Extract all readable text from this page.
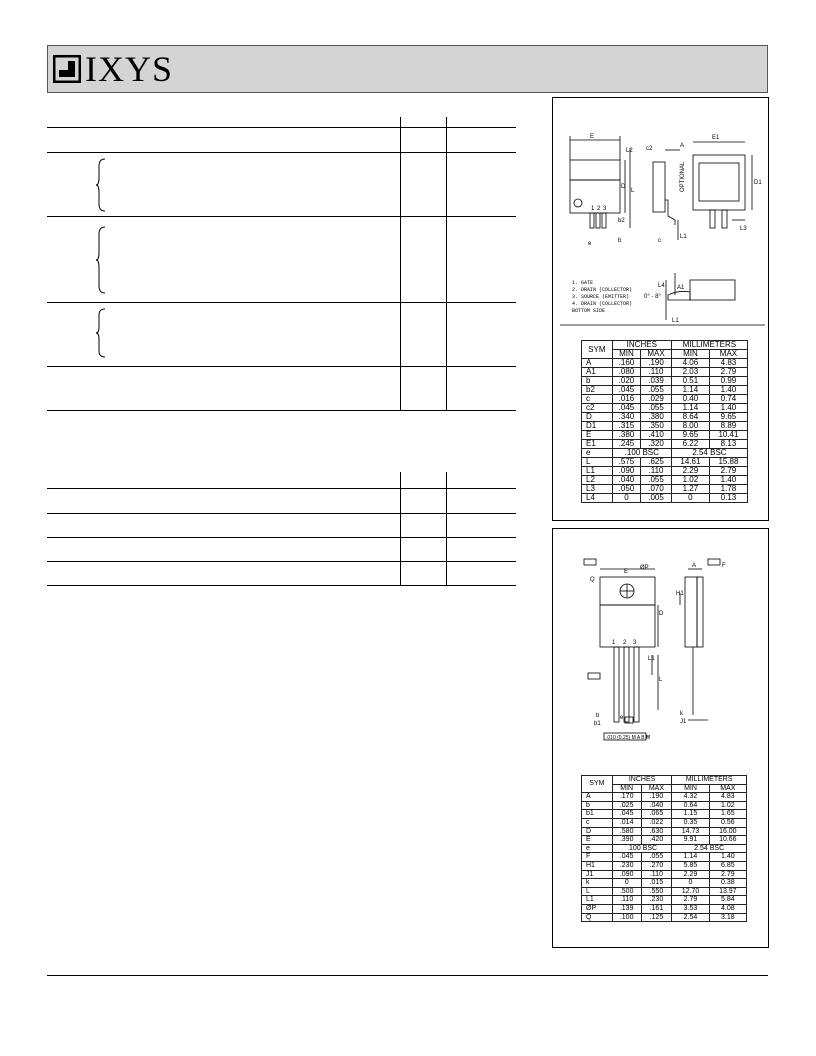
IXYS
E
L2
D
L
b2
b
e
A
c2
L1
c
E1
D1
L3
A1
L4
L1
OPTIONAL
1 2 3
1. GATE
2. DRAIN (COLLECTOR)
3. SOURCE (EMITTER)
4. DRAIN (COLLECTOR)
BOTTOM SIDE
0° - 8°
SYM	INCHES		MILLIMETERS	
	MIN	MAX	MIN	MAX
A	.160	.190	4.06	4.83
A1	.080	.110	2.03	2.79
b	.020	.039	0.51	0.99
b2	.045	.055	1.14	1.40
c	.016	.029	0.40	0.74
c2	.045	.055	1.14	1.40
D	.340	.380	8.64	9.65
D1	.315	.350	8.00	8.89
E	.380	.410	9.65	10.41
E1	.245	.320	6.22	8.13
e	.100 BSC		2.54 BSC	
L	.575	.625	14.61	15.88
L1	.090	.110	2.29	2.79
L2	.040	.055	1.02	1.40
L3	.050	.070	1.27	1.78
L4	0	.005	0	0.13
E
ØP	A
Q
H1
D
L1
L
e
b1
b
F
J1
k
1 2 3
.010 (0.25) M A B M
SYM	INCHES		MILLIMETERS	
	MIN	MAX	MIN	MAX
A	.170	.190	4.32	4.83
b	.025	.040	0.64	1.02
b1	.045	.065	1.15	1.65
c	.014	.022	0.35	0.56
D	.580	.630	14.73	16.00
E	.390	.420	9.91	10.66
e	.100 BSC		2.54 BSC	
F	.045	.055	1.14	1.40
H1	.230	.270	5.85	6.85
J1	.090	.110	2.29	2.79
k	0	.015	0	0.38
L	.500	.550	12.70	13.97
L1	.110	.230	2.79	5.84
ØP	.139	.161	3.53	4.08
Q	.100	.125	2.54	3.18
